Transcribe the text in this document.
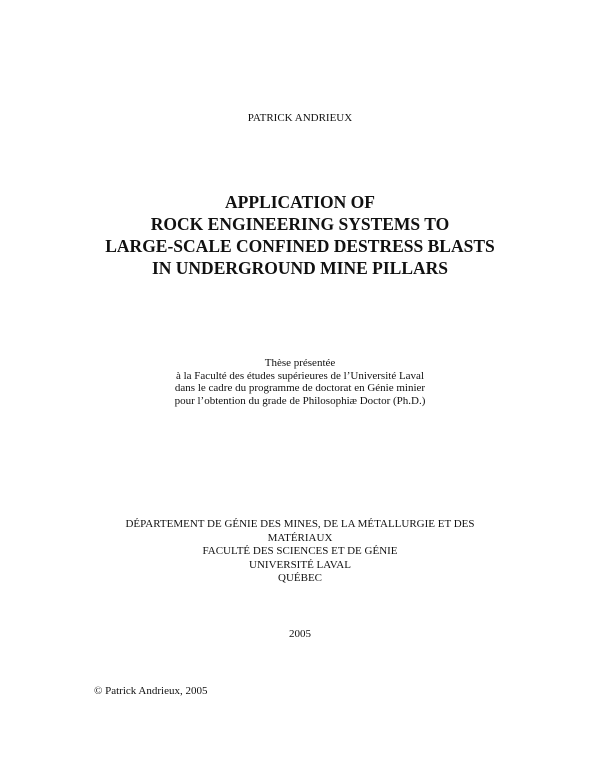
PATRICK ANDRIEUX
APPLICATION OF
ROCK ENGINEERING SYSTEMS TO
LARGE-SCALE CONFINED DESTRESS BLASTS
IN UNDERGROUND MINE PILLARS
Thèse présentée
à la Faculté des études supérieures de l’Université Laval
dans le cadre du programme de doctorat en Génie minier
pour l’obtention du grade de Philosophiæ Doctor (Ph.D.)
DÉPARTEMENT DE GÉNIE DES MINES, DE LA MÉTALLURGIE ET DES
MATÉRIAUX
FACULTÉ DES SCIENCES ET DE GÉNIE
UNIVERSITÉ LAVAL
QUÉBEC
2005
© Patrick Andrieux, 2005
